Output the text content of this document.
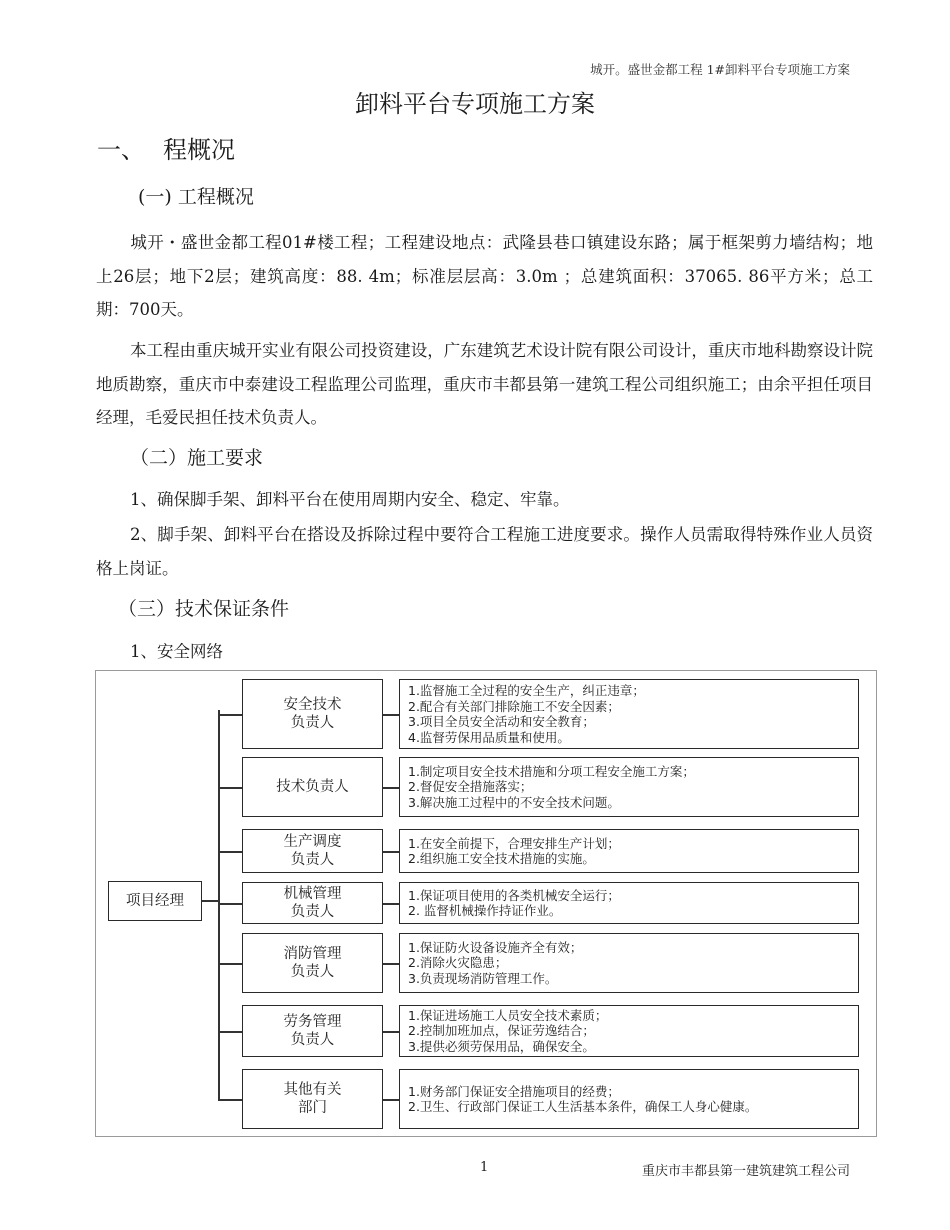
城开。盛世金都工程 1#卸料平台专项施工方案
卸料平台专项施工方案
一、 程概况
(一) 工程概况
城开・盛世金都工程01#楼工程；工程建设地点：武隆县巷口镇建设东路；属于框架剪力墙结构；地上26层；地下2层；建筑高度：88. 4m；标准层层高：3.0m ；总建筑面积：37065. 86平方米；总工期：700天。
本工程由重庆城开实业有限公司投资建设，广东建筑艺术设计院有限公司设计，重庆市地科勘察设计院地质勘察，重庆市中泰建设工程监理公司监理，重庆市丰都县第一建筑工程公司组织施工；由余平担任项目经理，毛爱民担任技术负责人。
（二）施工要求
1、确保脚手架、卸料平台在使用周期内安全、稳定、牢靠。
2、脚手架、卸料平台在搭设及拆除过程中要符合工程施工进度要求。操作人员需取得特殊作业人员资格上岗证。
（三）技术保证条件
1、安全网络
项目经理
安全技术
负责人
1.监督施工全过程的安全生产，纠正违章；
2.配合有关部门排除施工不安全因素；
3.项目全员安全活动和安全教育；
4.监督劳保用品质量和使用。
技术负责人
1.制定项目安全技术措施和分项工程安全施工方案；
2.督促安全措施落实；
3.解决施工过程中的不安全技术问题。
生产调度
负责人
1.在安全前提下，合理安排生产计划；
2.组织施工安全技术措施的实施。
机械管理
负责人
1.保证项目使用的各类机械安全运行；
2. 监督机械操作持证作业。
消防管理
负责人
1.保证防火设备设施齐全有效；
2.消除火灾隐患；
3.负责现场消防管理工作。
劳务管理
负责人
1.保证进场施工人员安全技术素质；
2.控制加班加点，保证劳逸结合；
3.提供必须劳保用品，确保安全。
其他有关
部门
1.财务部门保证安全措施项目的经费；
2.卫生、行政部门保证工人生活基本条件，确保工人身心健康。
1	重庆市丰都县第一建筑建筑工程公司
